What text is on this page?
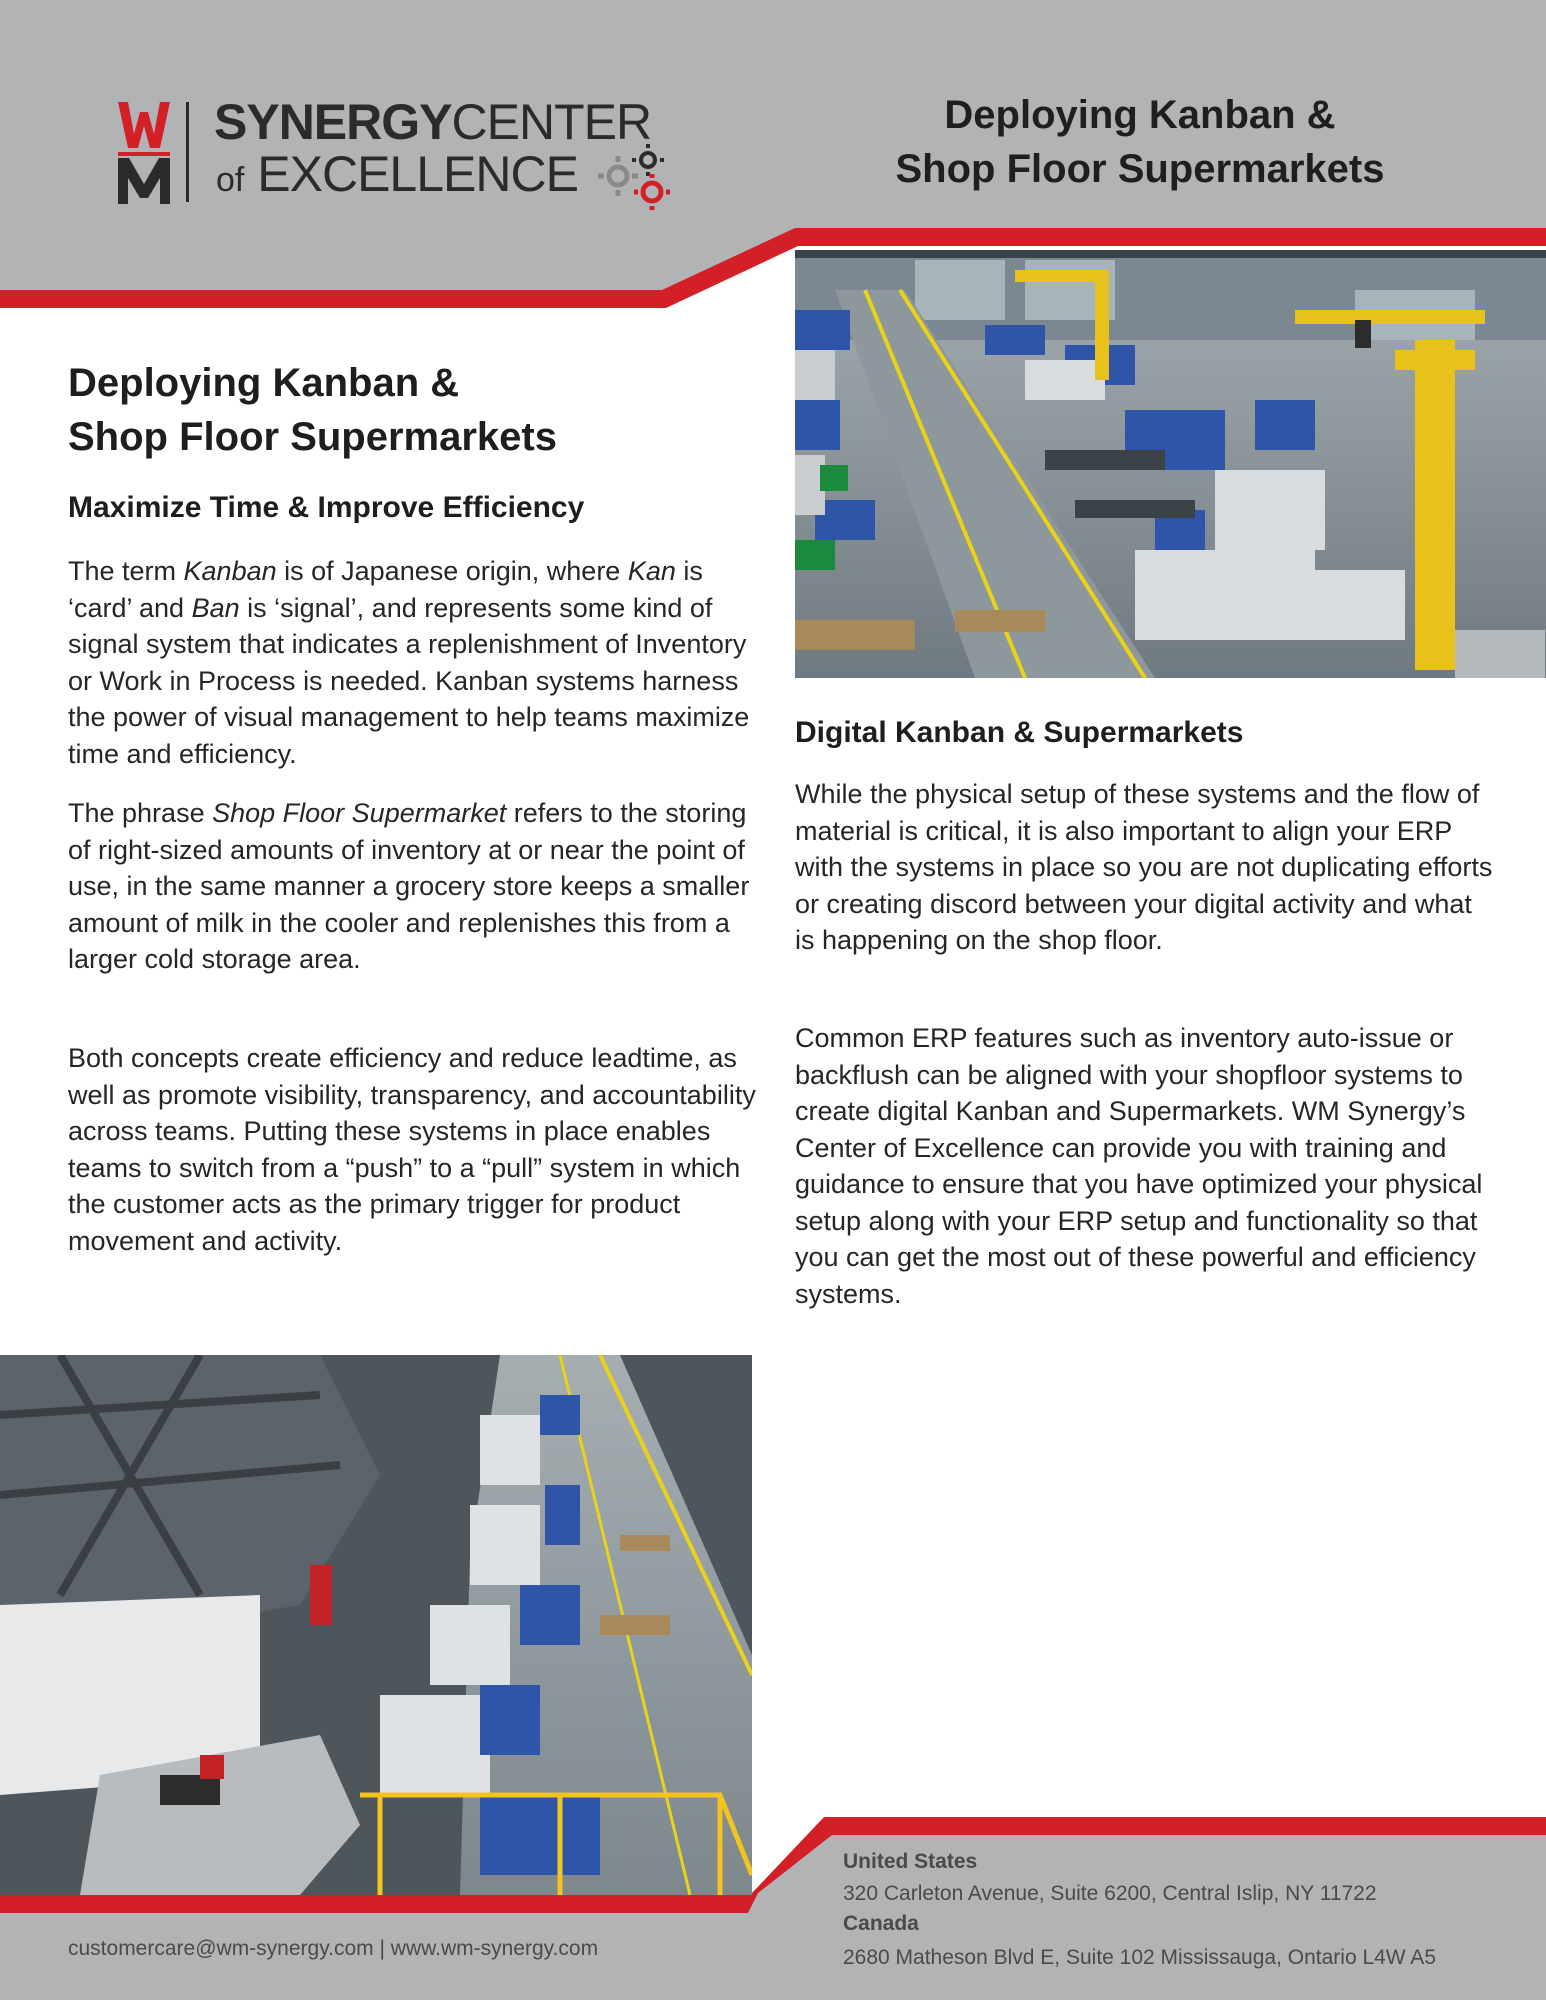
SYNERGYCENTER
of EXCELLENCE
Deploying Kanban &
Shop Floor Supermarkets
Deploying Kanban &
Shop Floor Supermarkets
Maximize Time & Improve Efficiency

The term Kanban is of Japanese origin, where Kan is ‘card’ and Ban is ‘signal’, and represents some kind of signal system that indicates a replenishment of Inventory or Work in Process is needed. Kanban systems harness the power of visual management to help teams maximize time and efficiency.

The phrase Shop Floor Supermarket refers to the storing of right-sized amounts of inventory at or near the point of use, in the same manner a grocery store keeps a smaller amount of milk in the cooler and replenishes this from a larger cold storage area.

Both concepts create efficiency and reduce leadtime, as well as promote visibility, transparency, and accountability across teams. Putting these systems in place enables teams to switch from a “push” to a “pull” system in which the customer acts as the primary trigger for product movement and activity.

Digital Kanban & Supermarkets

While the physical setup of these systems and the flow of material is critical, it is also important to align your ERP with the systems in place so you are not duplicating efforts or creating discord between your digital activity and what is happening on the shop floor.

Common ERP features such as inventory auto-issue or backflush can be aligned with your shopfloor systems to create digital Kanban and Supermarkets. WM Synergy’s Center of Excellence can provide you with training and guidance to ensure that you have optimized your physical setup along with your ERP setup and functionality so that you can get the most out of these powerful and efficiency systems.

customercare@wm-synergy.com | www.wm-synergy.com
United States
320 Carleton Avenue, Suite 6200, Central Islip, NY 11722
Canada
2680 Matheson Blvd E, Suite 102 Mississauga, Ontario L4W A5
